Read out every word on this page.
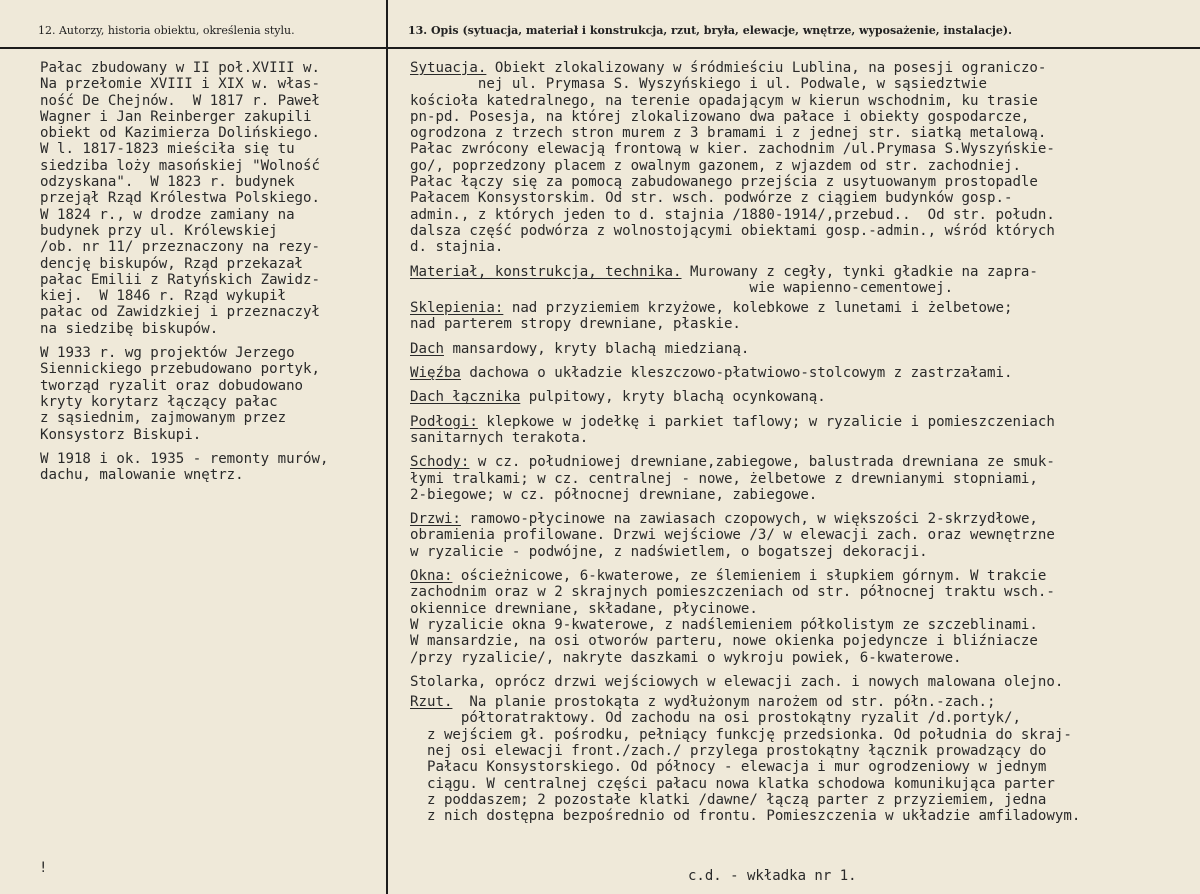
12. Autorzy, historia obiektu, określenia stylu.	13. Opis (sytuacja, materiał i konstrukcja, rzut, bryła, elewacje, wnętrze, wyposażenie, instalacje).
Pałac zbudowany w II poł.XVIII w.
Na przełomie XVIII i XIX w. włas-
ność De Chejnów.  W 1817 r. Paweł
Wagner i Jan Reinberger zakupili
obiekt od Kazimierza Dolińskiego.
W l. 1817-1823 mieściła się tu
siedziba loży masońskiej "Wolność
odzyskana".  W 1823 r. budynek
przejął Rząd Królestwa Polskiego.
W 1824 r., w drodze zamiany na
budynek przy ul. Królewskiej
/ob. nr 11/ przeznaczony na rezy-
dencję biskupów, Rząd przekazał
pałac Emilii z Ratyńskich Zawidz-
kiej.  W 1846 r. Rząd wykupił
pałac od Zawidzkiej i przeznaczył
na siedzibę biskupów.
W 1933 r. wg projektów Jerzego
Siennickiego przebudowano portyk,
tworząd ryzalit oraz dobudowano
kryty korytarz łączący pałac
z sąsiednim, zajmowanym przez
Konsystorz Biskupi.
W 1918 i ok. 1935 - remonty murów,
dachu, malowanie wnętrz.
Sytuacja. Obiekt zlokalizowany w śródmieściu Lublina, na posesji ograniczo-
nej ul. Prymasa S. Wyszyńskiego i ul. Podwale, w sąsiedztwie
kościoła katedralnego, na terenie opadającym w kierun wschodnim, ku trasie
pn-pd. Posesja, na której zlokalizowano dwa pałace i obiekty gospodarcze,
ogrodzona z trzech stron murem z 3 bramami i z jednej str. siatką metalową.
Pałac zwrócony elewacją frontową w kier. zachodnim /ul.Prymasa S.Wyszyńskie-
go/, poprzedzony placem z owalnym gazonem, z wjazdem od str. zachodniej.
Pałac łączy się za pomocą zabudowanego przejścia z usytuowanym prostopadle
Pałacem Konsystorskim. Od str. wsch. podwórze z ciągiem budynków gosp.-
admin., z których jeden to d. stajnia /1880-1914/,przebud..  Od str. połudn.
dalsza część podwórza z wolnostojącymi obiektami gosp.-admin., wśród których
d. stajnia.
Materiał, konstrukcja, technika. Murowany z cegły, tynki gładkie na zapra-
wie wapienno-cementowej.
Sklepienia: nad przyziemiem krzyżowe, kolebkowe z lunetami i żelbetowe;
nad parterem stropy drewniane, płaskie.
Dach mansardowy, kryty blachą miedzianą.
Więźba dachowa o układzie kleszczowo-płatwiowo-stolcowym z zastrzałami.
Dach łącznika pulpitowy, kryty blachą ocynkowaną.
Podłogi: klepkowe w jodełkę i parkiet taflowy; w ryzalicie i pomieszczeniach
sanitarnych terakota.
Schody: w cz. południowej drewniane,zabiegowe, balustrada drewniana ze smuk-
łymi tralkami; w cz. centralnej - nowe, żelbetowe z drewnianymi stopniami,
2-biegowe; w cz. północnej drewniane, zabiegowe.
Drzwi: ramowo-płycinowe na zawiasach czopowych, w większości 2-skrzydłowe,
obramienia profilowane. Drzwi wejściowe /3/ w elewacji zach. oraz wewnętrzne
w ryzalicie - podwójne, z nadświetlem, o bogatszej dekoracji.
Okna: ościeżnicowe, 6-kwaterowe, ze ślemieniem i słupkiem górnym. W trakcie
zachodnim oraz w 2 skrajnych pomieszczeniach od str. północnej traktu wsch.-
okiennice drewniane, składane, płycinowe.
W ryzalicie okna 9-kwaterowe, z nadślemieniem półkolistym ze szczeblinami.
W mansardzie, na osi otworów parteru, nowe okienka pojedyncze i bliźniacze
/przy ryzalicie/, nakryte daszkami o wykroju powiek, 6-kwaterowe.
Stolarka, oprócz drzwi wejściowych w elewacji zach. i nowych malowana olejno.
Rzut.  Na planie prostokąta z wydłużonym narożem od str. półn.-zach.;
półtoratraktowy. Od zachodu na osi prostokątny ryzalit /d.portyk/,
z wejściem gł. pośrodku, pełniący funkcję przedsionka. Od południa do skraj-
nej osi elewacji front./zach./ przylega prostokątny łącznik prowadzący do
Pałacu Konsystorskiego. Od północy - elewacja i mur ogrodzeniowy w jednym
ciągu. W centralnej części pałacu nowa klatka schodowa komunikująca parter
z poddaszem; 2 pozostałe klatki /dawne/ łączą parter z przyziemiem, jedna
z nich dostępna bezpośrednio od frontu. Pomieszczenia w układzie amfiladowym.
!	c.d. - wkładka nr 1.
